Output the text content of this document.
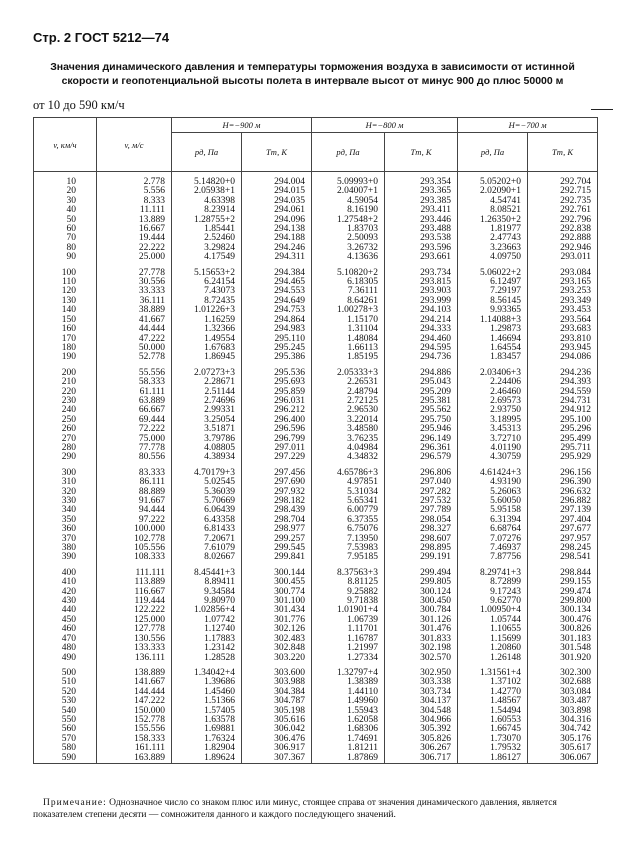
Стр. 2 ГОСТ 5212—74
Значения динамического давления и температуры торможения воздуха в зависимости от истинной скорости и геопотенциальной высоты полета в интервале высот от минус 900 до плюс 50000 м
от 10 до 590 км/ч
v, км/ч	v, м/с	H=−900 м		H=−800 м		H=−700 м	
		pд, Па	Tт, К	pд, Па	Tт, К	pд, Па	Tт, К

10	2.778	5.14820+0	294.004	5.09993+0	293.354	5.05202+0	292.704
20	5.556	2.05938+1	294.015	2.04007+1	293.365	2.02090+1	292.715
30	8.333	4.63398	294.035	4.59054	293.385	4.54741	292.735
40	11.111	8.23914	294.061	8.16190	293.411	8.08521	292.761
50	13.889	1.28755+2	294.096	1.27548+2	293.446	1.26350+2	292.796
60	16.667	1.85441	294.138	1.83703	293.488	1.81977	292.838
70	19.444	2.52460	294.188	2.50093	293.538	2.47743	292.888
80	22.222	3.29824	294.246	3.26732	293.596	3.23663	292.946
90	25.000	4.17549	294.311	4.13636	293.661	4.09750	293.011

100	27.778	5.15653+2	294.384	5.10820+2	293.734	5.06022+2	293.084
110	30.556	6.24154	294.465	6.18305	293.815	6.12497	293.165
120	33.333	7.43073	294.553	7.36111	293.903	7.29197	293.253
130	36.111	8.72435	294.649	8.64261	293.999	8.56145	293.349
140	38.889	1.01226+3	294.753	1.00278+3	294.103	9.93365	293.453
150	41.667	1.16259	294.864	1.15170	294.214	1.14088+3	293.564
160	44.444	1.32366	294.983	1.31104	294.333	1.29873	293.683
170	47.222	1.49554	295.110	1.48084	294.460	1.46694	293.810
180	50.000	1.67683	295.245	1.66113	294.595	1.64554	293.945
190	52.778	1.86945	295.386	1.85195	294.736	1.83457	294.086

200	55.556	2.07273+3	295.536	2.05333+3	294.886	2.03406+3	294.236
210	58.333	2.28671	295.693	2.26531	295.043	2.24406	294.393
220	61.111	2.51144	295.859	2.48794	295.209	2.46460	294.559
230	63.889	2.74696	296.031	2.72125	295.381	2.69573	294.731
240	66.667	2.99331	296.212	2.96530	295.562	2.93750	294.912
250	69.444	3.25054	296.400	3.22014	295.750	3.18995	295.100
260	72.222	3.51871	296.596	3.48580	295.946	3.45313	295.296
270	75.000	3.79786	296.799	3.76235	296.149	3.72710	295.499
280	77.778	4.08805	297.011	4.04984	296.361	4.01190	295.711
290	80.556	4.38934	297.229	4.34832	296.579	4.30759	295.929

300	83.333	4.70179+3	297.456	4.65786+3	296.806	4.61424+3	296.156
310	86.111	5.02545	297.690	4.97851	297.040	4.93190	296.390
320	88.889	5.36039	297.932	5.31034	297.282	5.26063	296.632
330	91.667	5.70669	298.182	5.65341	297.532	5.60050	296.882
340	94.444	6.06439	298.439	6.00779	297.789	5.95158	297.139
350	97.222	6.43358	298.704	6.37355	298.054	6.31394	297.404
360	100.000	6.81433	298.977	6.75076	298.327	6.68764	297.677
370	102.778	7.20671	299.257	7.13950	298.607	7.07276	297.957
380	105.556	7.61079	299.545	7.53983	298.895	7.46937	298.245
390	108.333	8.02667	299.841	7.95185	299.191	7.87756	298.541

400	111.111	8.45441+3	300.144	8.37563+3	299.494	8.29741+3	298.844
410	113.889	8.89411	300.455	8.81125	299.805	8.72899	299.155
420	116.667	9.34584	300.774	9.25882	300.124	9.17243	299.474
430	119.444	9.80970	301.100	9.71838	300.450	9.62770	299.800
440	122.222	1.02856+4	301.434	1.01901+4	300.784	1.00950+4	300.134
450	125.000	1.07742	301.776	1.06739	301.126	1.05744	300.476
460	127.778	1.12740	302.126	1.11701	301.476	1.10655	300.826
470	130.556	1.17883	302.483	1.16787	301.833	1.15699	301.183
480	133.333	1.23142	302.848	1.21997	302.198	1.20860	301.548
490	136.111	1.28528	303.220	1.27334	302.570	1.26148	301.920

500	138.889	1.34042+4	303.600	1.32797+4	302.950	1.31561+4	302.300
510	141.667	1.39686	303.988	1.38389	303.338	1.37102	302.688
520	144.444	1.45460	304.384	1.44110	303.734	1.42770	303.084
530	147.222	1.51366	304.787	1.49960	304.137	1.48567	303.487
540	150.000	1.57405	305.198	1.55943	304.548	1.54494	303.898
550	152.778	1.63578	305.616	1.62058	304.966	1.60553	304.316
560	155.556	1.69881	306.042	1.68306	305.392	1.66745	304.742
570	158.333	1.76324	306.476	1.74691	305.826	1.73070	305.176
580	161.111	1.82904	306.917	1.81211	306.267	1.79532	305.617
590	163.889	1.89624	307.367	1.87869	306.717	1.86127	306.067
Примечание: Однозначное число со знаком плюс или минус, стоящее справа от значения динамического давления, является показателем степени десяти — сомножителя данного и каждого последующего значений.
